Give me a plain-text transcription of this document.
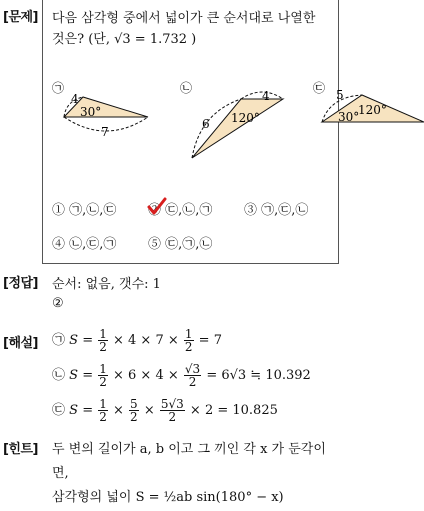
[문제]
[정답]
[해설]
[힌트]
다음 삼각형 중에서 넓이가 큰 순서대로 나열한
것은? (단, √3 = 1.732 )
㉠
4
7
30°
㉡
6
4
120°
㉢ 5
30°
120°
① ㉠,㉡,㉢ ② ㉢,㉡,㉠ ③ ㉠,㉢,㉡
④ ㉡,㉢,㉠ ⑤ ㉢,㉠,㉡
순서: 없음, 갯수: 1
②
㉠ $S = \frac{1}{2} \times 4 \times 7 \times \frac{1}{2} = 7$
㉡ $S = \frac{1}{2} \times 6 \times 4 \times \frac{√3}{2} = 6√3$ ≒ 10.392
㉢ $S = \frac{1}{2} \times \frac{5}{2} \times \frac{5√3}{2} \times 2 = 10.825$
두 변의 길이가 a, b 이고 그 끼인 각 x 가 둔각이
면,
삼각형의 넓이 S = ½ab sin(180° − x)
